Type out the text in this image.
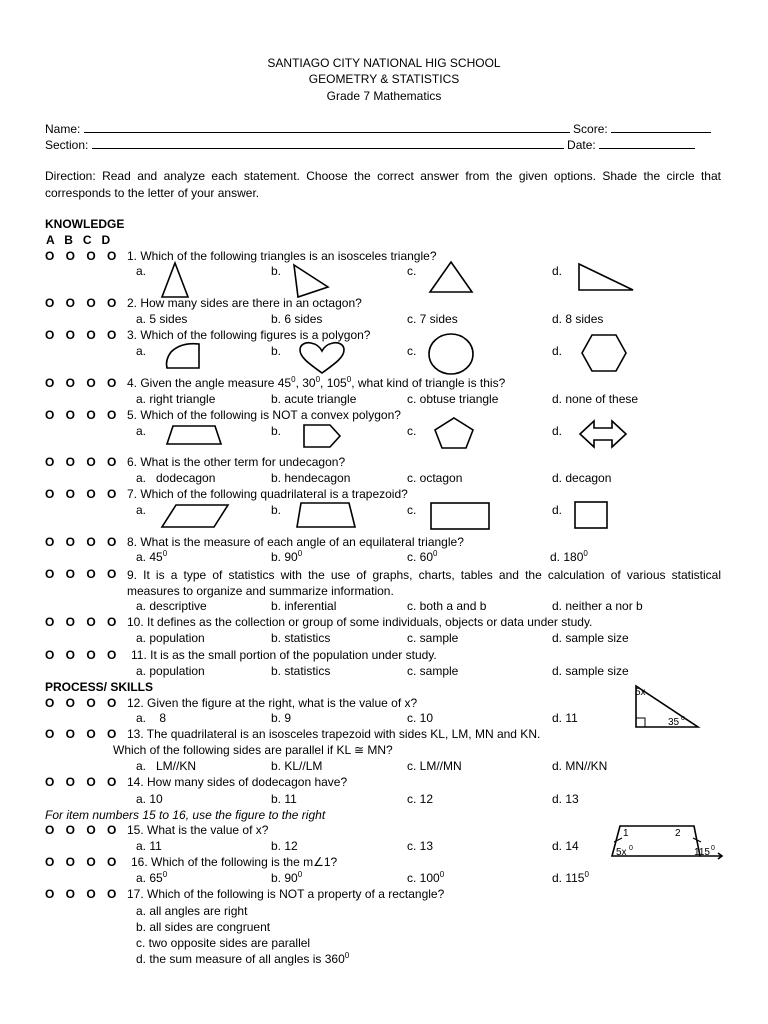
SANTIAGO CITY NATIONAL HIG SCHOOL
GEOMETRY & STATISTICS
Grade 7 Mathematics
Name:	Score:
Section:	Date:
Direction: Read and analyze each statement. Choose the correct answer from the given options. Shade the circle that corresponds to the letter of your answer.
KNOWLEDGE
A   B   C   D
O O O O 1. Which of the following triangles is an isosceles triangle?
a.	b.	c.	d.
O O O O 2. How many sides are there in an octagon?
a. 5 sides	b. 6 sides	c. 7 sides	d. 8 sides
O O O O 3. Which of the following figures is a polygon?
a.	b.	c.	d.
O O O O 4. Given the angle measure $45^0$, $30^0$, $105^0$, what kind of triangle is this?
a. right triangle	b. acute triangle	c. obtuse triangle	d. none of these
O O O O 5. Which of the following is NOT a convex polygon?
a.	b.	c.	d.
O O O O 6. What is the other term for undecagon?
a.   dodecagon	b. hendecagon	c. octagon	d. decagon
O O O O 7. Which of the following quadrilateral is a trapezoid?
a.	b.	c.	d.
O O O O 8. What is the measure of each angle of an equilateral triangle?
a. $45^0$	b. $90^0$	c. $60^0$	d. $180^0$
O O O O 9. It is a type of statistics with the use of graphs, charts, tables and the calculation of various statistical measures to organize and summarize information.
a. descriptive	b. inferential	c. both a and b	d. neither a nor b
O O O O 10. It defines as the collection or group of some individuals, objects or data under study.
a. population	b. statistics	c. sample	d. sample size
O O O O 11. It is as the small portion of the population under study.
a. population	b. statistics	c. sample	d. sample size
PROCESS/ SKILLS	5x
35 o
O O O O 12. Given the figure at the right, what is the value of x?
a.    8	b. 9	c. 10	d. 11
O O O O 13. The quadrilateral is an isosceles trapezoid with sides KL, LM, MN and KN.
Which of the following sides are parallel if KL ≅ MN?
a.   LM//KN	b. KL//LM	c. LM//MN	d. MN//KN
O O O O 14. How many sides of dodecagon have?
a. 10	b. 11	c. 12	d. 13
For item numbers 15 to 16, use the figure to the right
1	2
5x 0	115 0
O O O O 15. What is the value of x?
a. 11	b. 12	c. 13	d. 14
O O O O 16. Which of the following is the m∠1?
a. $65^0$	b. $90^0$	c. $100^0$	d. $115^0$
O O O O 17. Which of the following is NOT a property of a rectangle?
a. all angles are right
b. all sides are congruent
c. two opposite sides are parallel
d. the sum measure of all angles is $360^0$
